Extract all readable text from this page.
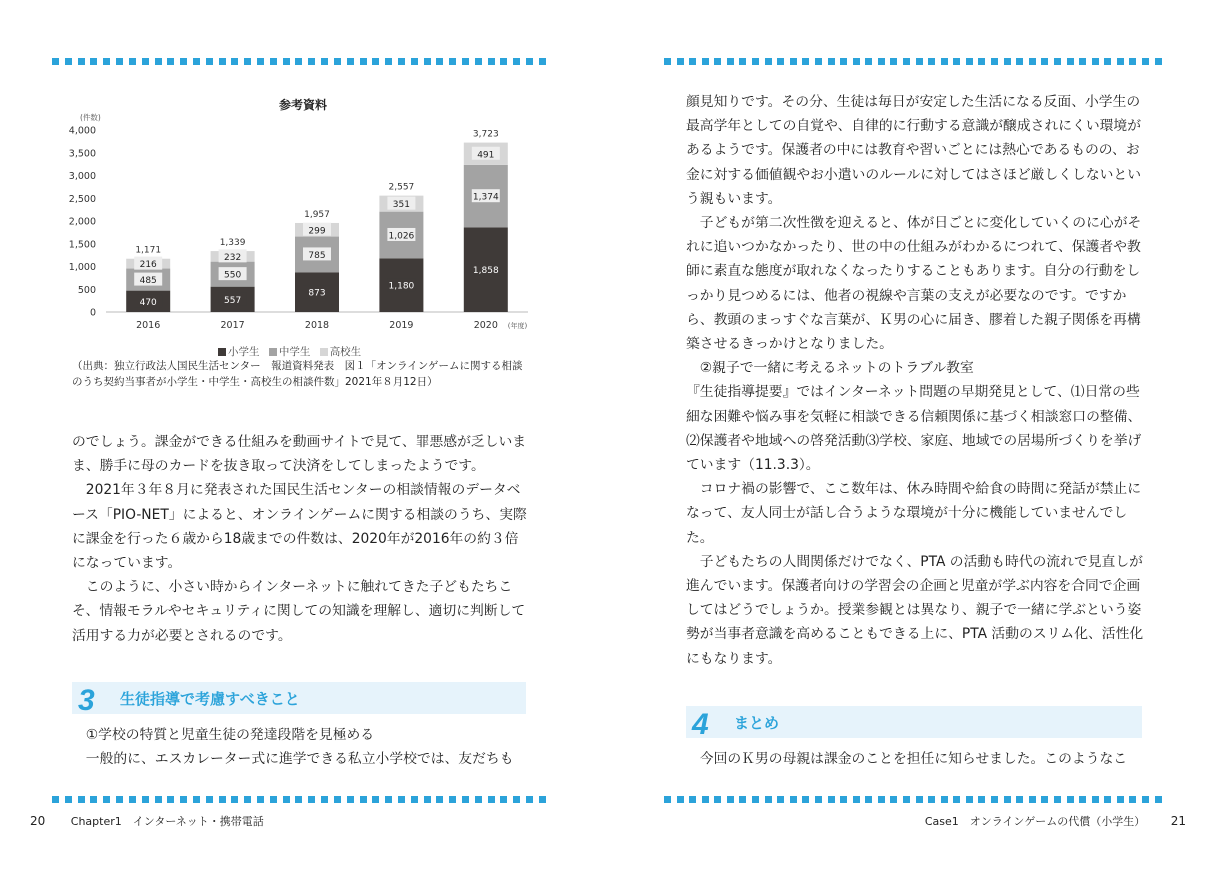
(件数)
0
500
1,000
1,500
2,000
2,500
3,000
3,500
4,000
470
485
216
1,171
2016
557
550
232
1,339
2017
873
785
299
1,957
2018
1,180
1,026
351
2,557
2019
1,858
1,374
491
3,723
2020 (年度)
参考資料
小学生 中学生 高校生
（出典：独立行政法人国民生活センター　報道資料発表　図１「オンラインゲームに関する相談のうち契約当事者が小学生・中学生・高校生の相談件数」2021年８月12日）

のでしょう。課金ができる仕組みを動画サイトで見て、罪悪感が乏しいまま、勝手に母のカードを抜き取って決済をしてしまったようです。

2021年３年８月に発表された国民生活センターの相談情報のデータベース「PIO-NET」によると、オンラインゲームに関する相談のうち、実際に課金を行った６歳から18歳までの件数は、2020年が2016年の約３倍になっています。

このように、小さい時からインターネットに触れてきた子どもたちこそ、情報モラルやセキュリティに関しての知識を理解し、適切に判断して活用する力が必要とされるのです。

3	生徒指導で考慮すべきこと

①学校の特質と児童生徒の発達段階を見極める

一般的に、エスカレーター式に進学できる私立小学校では、友だちも

20 Chapter1　インターネット・携帯電話

顔見知りです。その分、生徒は毎日が安定した生活になる反面、小学生の最高学年としての自覚や、自律的に行動する意識が醸成されにくい環境があるようです。保護者の中には教育や習いごとには熱心であるものの、お金に対する価値観やお小遣いのルールに対してはさほど厳しくしないという親もいます。

子どもが第二次性徴を迎えると、体が日ごとに変化していくのに心がそれに追いつかなかったり、世の中の仕組みがわかるにつれて、保護者や教師に素直な態度が取れなくなったりすることもあります。自分の行動をしっかり見つめるには、他者の視線や言葉の支えが必要なのです。ですから、教頭のまっすぐな言葉が、Ｋ男の心に届き、膠着した親子関係を再構築させるきっかけとなりました。

②親子で一緒に考えるネットのトラブル教室

『生徒指導提要』ではインターネット問題の早期発見として、⑴日常の些細な困難や悩み事を気軽に相談できる信頼関係に基づく相談窓口の整備、⑵保護者や地域への啓発活動⑶学校、家庭、地域での居場所づくりを挙げています（11.3.3）。

コロナ禍の影響で、ここ数年は、休み時間や給食の時間に発話が禁止になって、友人同士が話し合うような環境が十分に機能していませんでした。

子どもたちの人間関係だけでなく、PTA の活動も時代の流れで見直しが進んでいます。保護者向けの学習会の企画と児童が学ぶ内容を合同で企画してはどうでしょうか。授業参観とは異なり、親子で一緒に学ぶという姿勢が当事者意識を高めることもできる上に、PTA 活動のスリム化、活性化にもなります。

4	まとめ

今回のＫ男の母親は課金のことを担任に知らせました。このようなこ

Case1　オンラインゲームの代償（小学生） 21
